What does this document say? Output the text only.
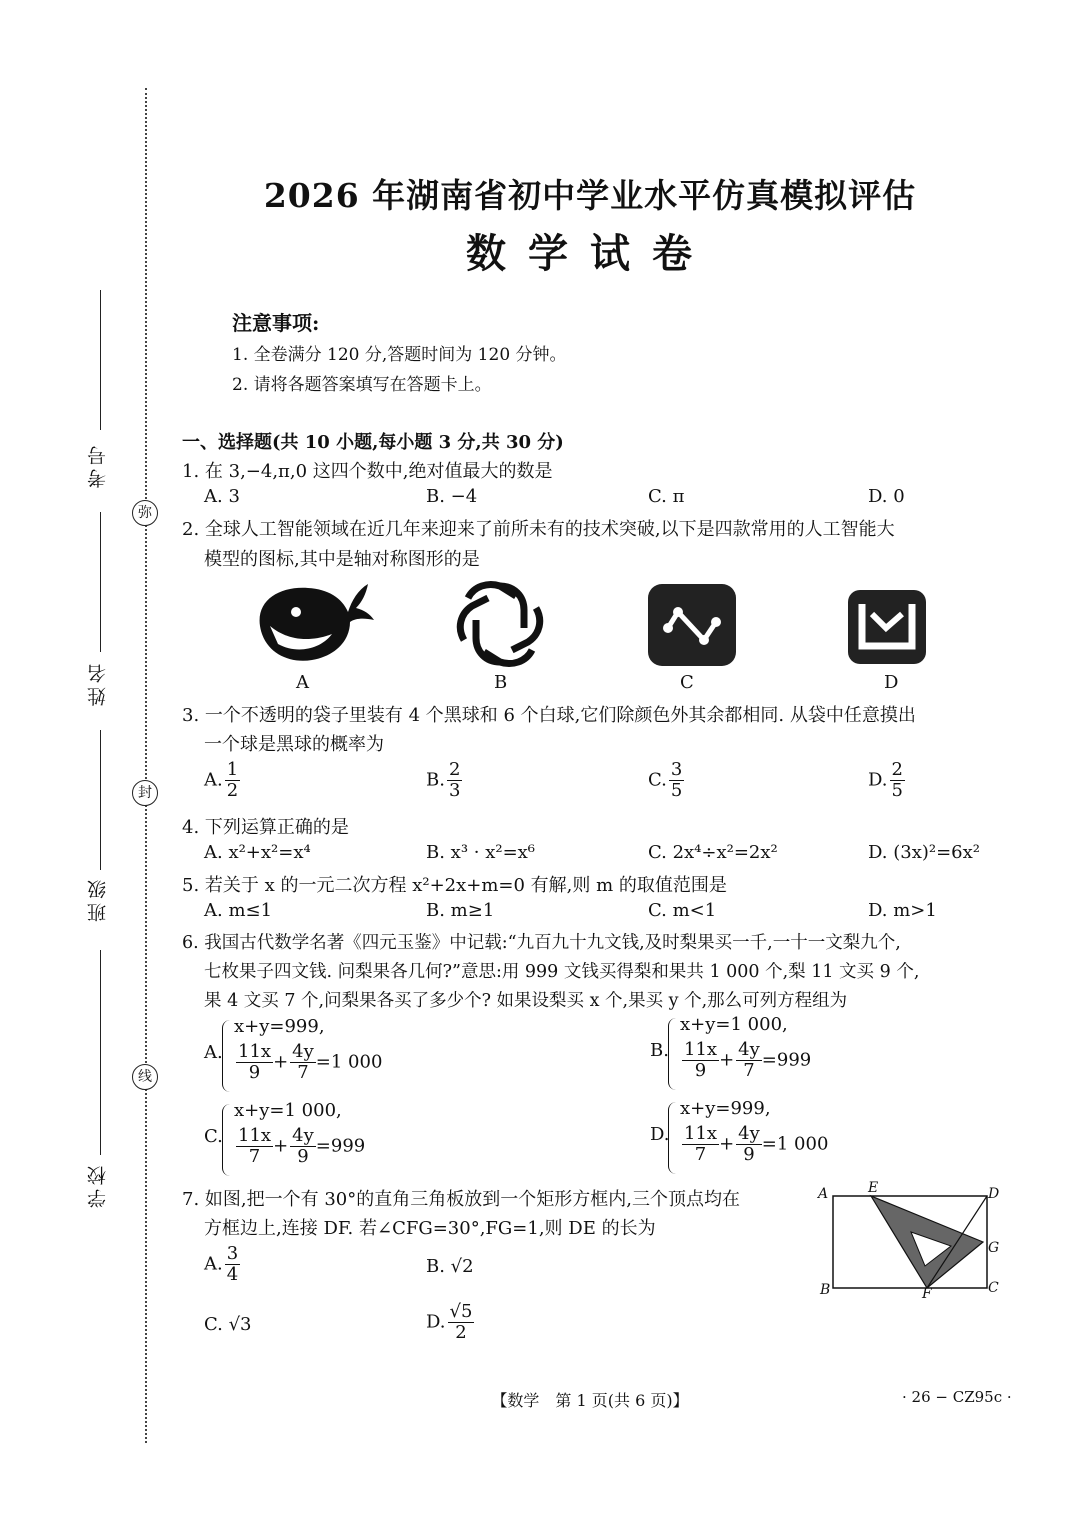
考号
姓名
班级
学校
弥
封
线
2026 年湖南省初中学业水平仿真模拟评估
数学试卷
注意事项:
1. 全卷满分 120 分,答题时间为 120 分钟。
2. 请将各题答案填写在答题卡上。
一、选择题(共 10 小题,每小题 3 分,共 30 分)
1. 在 3,−4,π,0 这四个数中,绝对值最大的数是
A. 3	B. −4	C. π	D. 0
2. 全球人工智能领域在近几年来迎来了前所未有的技术突破,以下是四款常用的人工智能大
模型的图标,其中是轴对称图形的是
A	B	C	D
3. 一个不透明的袋子里装有 4 个黑球和 6 个白球,它们除颜色外其余都相同. 从袋中任意摸出
一个球是黑球的概率为
A. $\frac{1}{2}$	B. $\frac{2}{3}$	C. $\frac{3}{5}$	D. $\frac{2}{5}$
4. 下列运算正确的是
A. x²+x²=x⁴	B. x³ · x²=x⁶	C. 2x⁴÷x²=2x²	D. (3x)²=6x²
5. 若关于 x 的一元二次方程 x²+2x+m=0 有解,则 m 的取值范围是
A. m≤1	B. m≥1	C. m<1	D. m>1
6. 我国古代数学名著《四元玉鉴》中记载:“九百九十九文钱,及时梨果买一千,一十一文梨九个,
七枚果子四文钱. 问梨果各几何?”意思:用 999 文钱买得梨和果共 1 000 个,梨 11 文买 9 个,
果 4 文买 7 个,问梨果各买了多少个? 如果设梨买 x 个,果买 y 个,那么可列方程组为
A.
x+y=999,
$\frac{11x}{9} + \frac{4y}{7} =1$ 000
B.
x+y=1 000,
$\frac{11x}{9} + \frac{4y}{7} =999$
C.
x+y=1 000,
$\frac{11x}{7} + \frac{4y}{9} =999$
D.
x+y=999,
$\frac{11x}{7} + \frac{4y}{9} =1$ 000
7. 如图,把一个有 30°的直角三角板放到一个矩形方框内,三个顶点均在
方框边上,连接 DF. 若∠CFG=30°,FG=1,则 DE 的长为
A. $\frac{3}{4}$	B. √2
C. √3	D. $\frac{√5}{2}$
A	E	D
G
B	F	C
【数学　第 1 页(共 6 页)】	· 26 − CZ95c ·
